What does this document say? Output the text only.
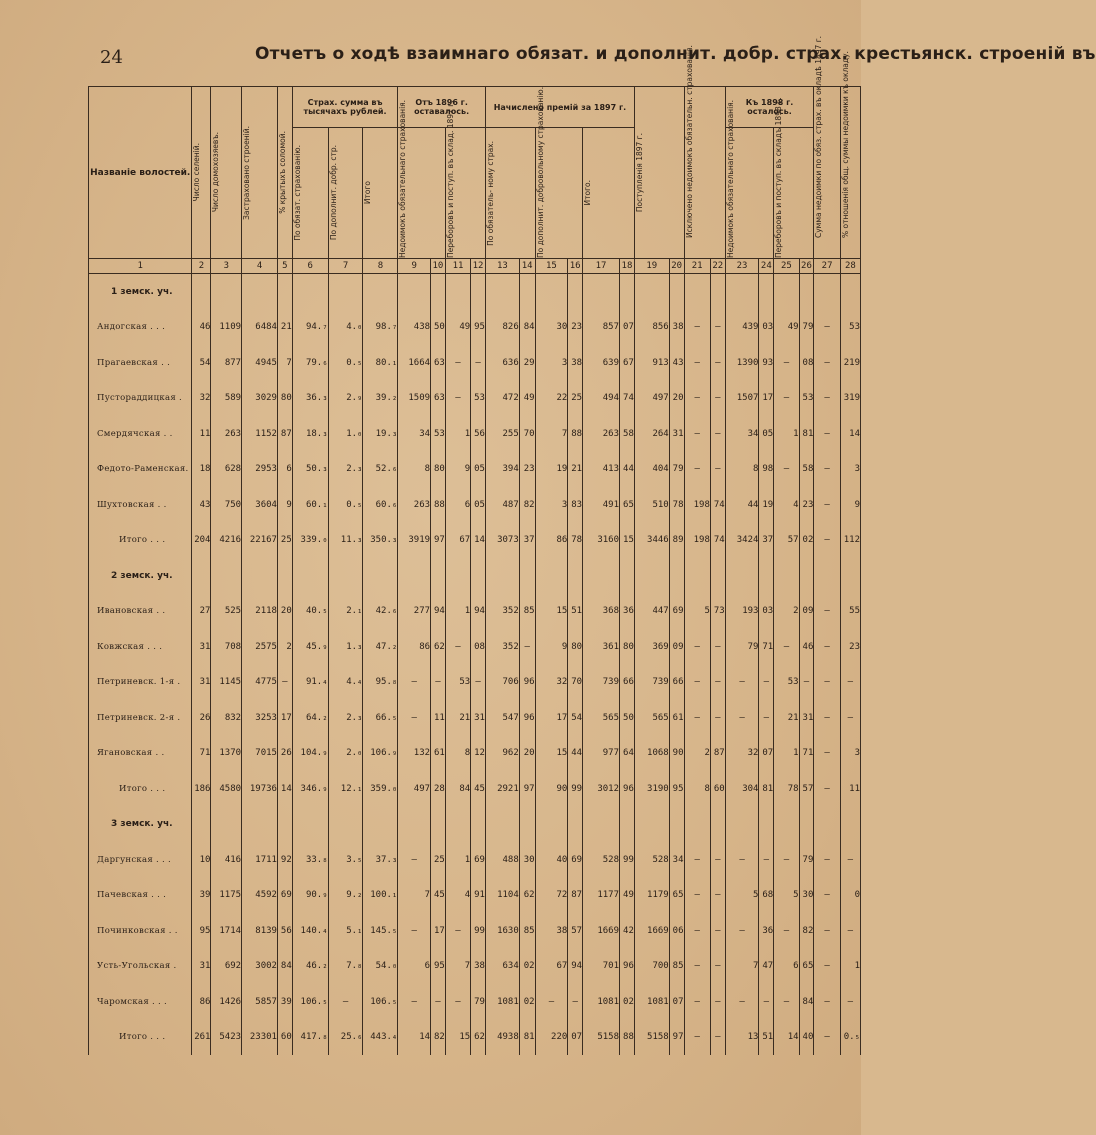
24	Отчетъ о ходѣ взаимнаго обязат. и дополнит. добр. страх. крестьянск. строеній въ
Названіе волостей.	Число селеній.	Число домохозяевъ.	Застраховано строеній.	% крытыхъ соломой.	Страх. сумма въ тысячахъ рублей.			Отъ 1896 г. оставалось.				Начислено премій за 1897 г.						Поступленія 1897 г.		Исключено недоимокъ обязательн. страхованія.		Къ 1898 г. осталось.				Сумма недоимки по обяз. страх. въ окладѣ 1897 г.	% отношенія общ. суммы недоимки къ окладу.

					По обязат. страхованію.	По дополнит. добр. стр.	Итого	Недоимокъ обязательнаго страхованія.		Переборовъ и поступ. въ склад. 1897 г.		По обязатель- ному страх.		По дополнит. добровольному страхованію.		Итого.						Недоимокъ обязательнаго страхованія.		Переборовъ и поступ. въ складъ 1898 г.			

1	2	3	4	5	6	7	8	9	10	11	12	13	14	15	16	17	18	19	20	21	22	23	24	25	26	27	28
1 земск. уч.																											
Андогская . . .	46	1109	6484	21	94.₇	4.₀	98.₇	438	50	49	95	826	84	30	23	857	07	856	38	—	—	439	03	49	79	—	53
Прагаевская . .	54	877	4945	7	79.₆	0.₅	80.₁	1664	63	—	—	636	29	3	38	639	67	913	43	—	—	1390	93	—	08	—	219
Пустораддицкая .	32	589	3029	80	36.₃	2.₉	39.₂	1509	63	—	53	472	49	22	25	494	74	497	20	—	—	1507	17	—	53	—	319
Смердячская . .	11	263	1152	87	18.₃	1.₀	19.₃	34	53	1	56	255	70	7	88	263	58	264	31	—	—	34	05	1	81	—	14
Федото-Раменская.	18	628	2953	6	50.₃	2.₃	52.₆	8	80	9	05	394	23	19	21	413	44	404	79	—	—	8	98	—	58	—	3
Шухтовская . .	43	750	3604	9	60.₁	0.₅	60.₆	263	88	6	05	487	82	3	83	491	65	510	78	198	74	44	19	4	23	—	9
Итого . . .	204	4216	22167	25	339.₀	11.₃	350.₃	3919	97	67	14	3073	37	86	78	3160	15	3446	89	198	74	3424	37	57	02	—	112
2 земск. уч.																											
Ивановская . .	27	525	2118	20	40.₅	2.₁	42.₆	277	94	1	94	352	85	15	51	368	36	447	69	5	73	193	03	2	09	—	55
Ковжская . . .	31	708	2575	2	45.₉	1.₃	47.₂	86	62	—	08	352	—	9	80	361	80	369	09	—	—	79	71	—	46	—	23
Петриневск. 1-я .	31	1145	4775	—	91.₄	4.₄	95.₈	—	—	53	—	706	96	32	70	739	66	739	66	—	—	—	—	53	—	—	—
Петриневск. 2-я .	26	832	3253	17	64.₂	2.₃	66.₅	—	11	21	31	547	96	17	54	565	50	565	61	—	—	—	—	21	31	—	—
Ягановская . .	71	1370	7015	26	104.₉	2.₀	106.₉	132	61	8	12	962	20	15	44	977	64	1068	90	2	87	32	07	1	71	—	3
Итого . . .	186	4580	19736	14	346.₉	12.₁	359.₀	497	28	84	45	2921	97	90	99	3012	96	3190	95	8	60	304	81	78	57	—	11
3 земск. уч.																											
Даргунская . . .	10	416	1711	92	33.₈	3.₅	37.₃	—	25	1	69	488	30	40	69	528	99	528	34	—	—	—	—	—	79	—	—
Пачевская . . .	39	1175	4592	69	90.₉	9.₂	100.₁	7	45	4	91	1104	62	72	87	1177	49	1179	65	—	—	5	68	5	30	—	0
Починковская . .	95	1714	8139	56	140.₄	5.₁	145.₅	—	17	—	99	1630	85	38	57	1669	42	1669	06	—	—	—	36	—	82	—	—
Усть-Угольская .	31	692	3002	84	46.₂	7.₈	54.₀	6	95	7	38	634	02	67	94	701	96	700	85	—	—	7	47	6	65	—	1
Чаромская . . .	86	1426	5857	39	106.₅	—	106.₅	—	—	—	79	1081	02	—	—	1081	02	1081	07	—	—	—	—	—	84	—	—
Итого . . .	261	5423	23301	60	417.₈	25.₆	443.₄	14	82	15	62	4938	81	220	07	5158	88	5158	97	—	—	13	51	14	40	—	0.₅
